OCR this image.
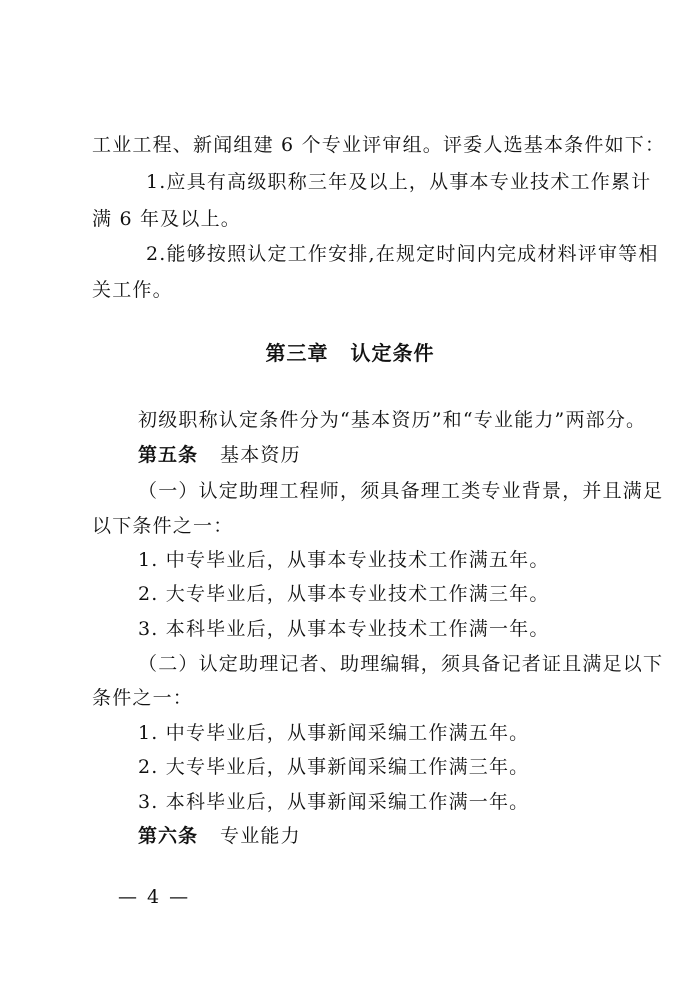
工业工程、新闻组建 6 个专业评审组。评委人选基本条件如下：
1.应具有高级职称三年及以上，从事本专业技术工作累计
满 6 年及以上。
2.能够按照认定工作安排,在规定时间内完成材料评审等相
关工作。
第三章 认定条件
初级职称认定条件分为“基本资历”和“专业能力”两部分。
第五条 基本资历
（一）认定助理工程师，须具备理工类专业背景，并且满足
以下条件之一：
1. 中专毕业后，从事本专业技术工作满五年。
2. 大专毕业后，从事本专业技术工作满三年。
3. 本科毕业后，从事本专业技术工作满一年。
（二）认定助理记者、助理编辑，须具备记者证且满足以下
条件之一：
1. 中专毕业后，从事新闻采编工作满五年。
2. 大专毕业后，从事新闻采编工作满三年。
3. 本科毕业后，从事新闻采编工作满一年。
第六条 专业能力
— 4 —
